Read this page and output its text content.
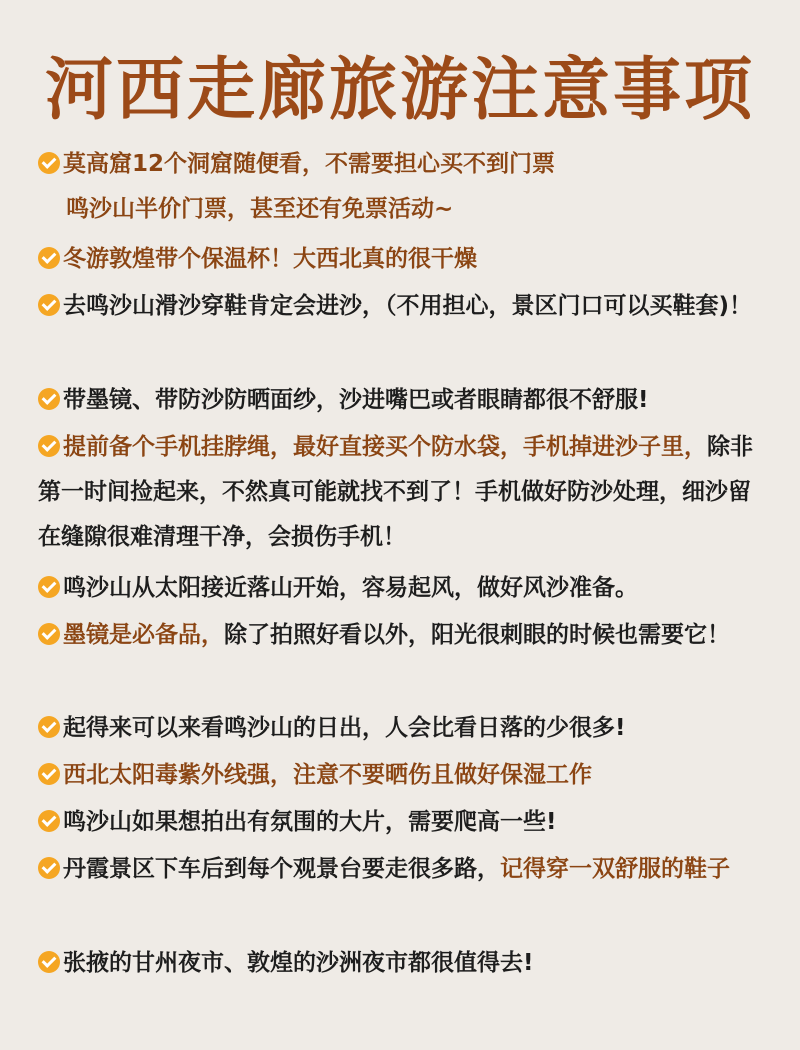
河西走廊旅游注意事项
莫高窟12个洞窟随便看，不需要担心买不到门票
鸣沙山半价门票，甚至还有免票活动~
冬游敦煌带个保温杯！大西北真的很干燥
去鸣沙山滑沙穿鞋肯定会进沙，（不用担心，景区门口可以买鞋套)！
带墨镜、带防沙防晒面纱，沙进嘴巴或者眼睛都很不舒服!
提前备个手机挂脖绳，最好直接买个防水袋，手机掉进沙子里，除非第一时间捡起来，不然真可能就找不到了！手机做好防沙处理，细沙留在缝隙很难清理干净，会损伤手机！
鸣沙山从太阳接近落山开始，容易起风，做好风沙准备。
墨镜是必备品，除了拍照好看以外，阳光很刺眼的时候也需要它！
起得来可以来看鸣沙山的日出，人会比看日落的少很多!
西北太阳毒紫外线强，注意不要晒伤且做好保湿工作
鸣沙山如果想拍出有氛围的大片，需要爬高一些!
丹霞景区下车后到每个观景台要走很多路，记得穿一双舒服的鞋子
张掖的甘州夜市、敦煌的沙洲夜市都很值得去!
